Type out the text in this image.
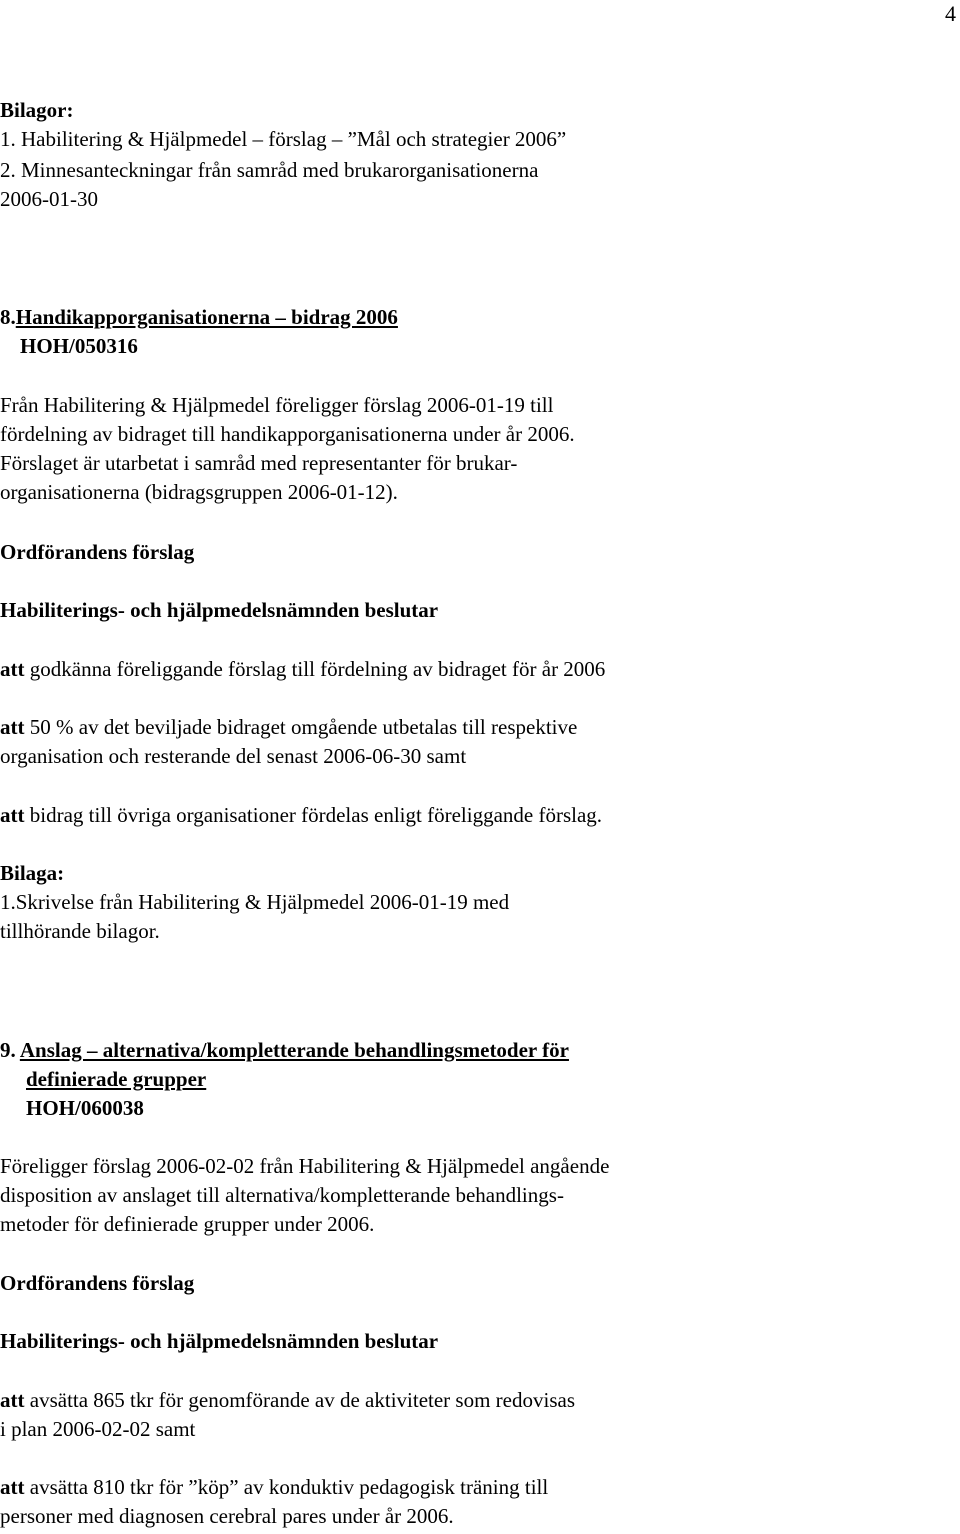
4
Bilagor:
1. Habilitering & Hjälpmedel – förslag – ”Mål och strategier 2006”
2. Minnesanteckningar från samråd med brukarorganisationerna
2006-01-30
8.Handikapporganisationerna – bidrag 2006
HOH/050316
Från Habilitering & Hjälpmedel föreligger förslag 2006-01-19 till
fördelning av bidraget till handikapporganisationerna under år 2006.
Förslaget är utarbetat i samråd med representanter för brukar-
organisationerna (bidragsgruppen 2006-01-12).
Ordförandens förslag
Habiliterings- och hjälpmedelsnämnden beslutar
att godkänna föreliggande förslag till fördelning av bidraget för år 2006
att 50 % av det beviljade bidraget omgående utbetalas till respektive
organisation och resterande del senast 2006-06-30 samt
att bidrag till övriga organisationer fördelas enligt föreliggande förslag.
Bilaga:
1.Skrivelse från Habilitering & Hjälpmedel 2006-01-19 med
tillhörande bilagor.
9. Anslag – alternativa/kompletterande behandlingsmetoder för
definierade grupper
HOH/060038
Föreligger förslag 2006-02-02 från Habilitering & Hjälpmedel angående
disposition av anslaget till alternativa/kompletterande behandlings-
metoder för definierade grupper under 2006.
Ordförandens förslag
Habiliterings- och hjälpmedelsnämnden beslutar
att avsätta 865 tkr för genomförande av de aktiviteter som redovisas
i plan 2006-02-02 samt
att avsätta 810 tkr för ”köp” av konduktiv pedagogisk träning till
personer med diagnosen cerebral pares under år 2006.
